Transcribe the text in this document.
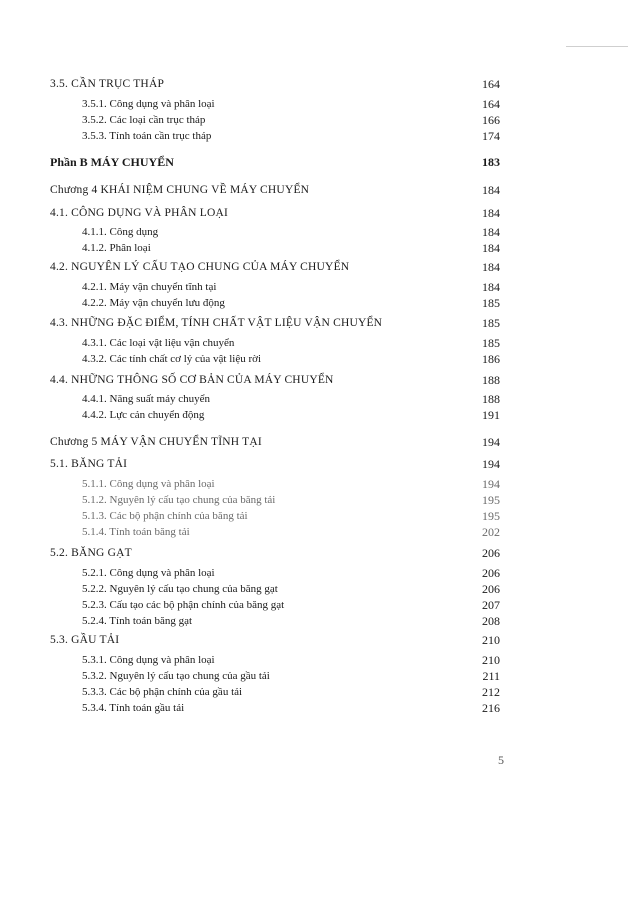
3.5. CẦN TRỤC THÁP	164
3.5.1. Công dụng và phân loại	164
3.5.2. Các loại cần trục tháp	166
3.5.3. Tính toán cần trục tháp	174
Phần B MÁY CHUYỂN	183
Chương 4 KHÁI NIỆM CHUNG VỀ MÁY CHUYỂN	184
4.1. CÔNG DỤNG VÀ PHÂN LOẠI	184
4.1.1. Công dụng	184
4.1.2. Phân loại	184
4.2. NGUYÊN LÝ CẤU TẠO CHUNG CỦA MÁY CHUYỂN	184
4.2.1. Máy vận chuyển tĩnh tại	184
4.2.2. Máy vận chuyển lưu động	185
4.3. NHỮNG ĐẶC ĐIỂM, TÍNH CHẤT VẬT LIỆU VẬN CHUYỂN	185
4.3.1. Các loại vật liệu vận chuyển	185
4.3.2. Các tính chất cơ lý của vật liệu rời	186
4.4. NHỮNG THÔNG SỐ CƠ BẢN CỦA MÁY CHUYỂN	188
4.4.1. Năng suất máy chuyển	188
4.4.2. Lực cản chuyển động	191
Chương 5 MÁY VẬN CHUYỂN TĨNH TẠI	194
5.1. BĂNG TẢI	194
5.1.1. Công dụng và phân loại	194
5.1.2. Nguyên lý cấu tạo chung của băng tải	195
5.1.3. Các bộ phận chính của băng tải	195
5.1.4. Tính toán băng tải	202
5.2. BĂNG GẠT	206
5.2.1. Công dụng và phân loại	206
5.2.2. Nguyên lý cấu tạo chung của băng gạt	206
5.2.3. Cấu tạo các bộ phận chính của băng gạt	207
5.2.4. Tính toán băng gạt	208
5.3. GẦU TẢI	210
5.3.1. Công dụng và phân loại	210
5.3.2. Nguyên lý cấu tạo chung của gầu tải	211
5.3.3. Các bộ phận chính của gầu tải	212
5.3.4. Tính toán gầu tải	216
5
